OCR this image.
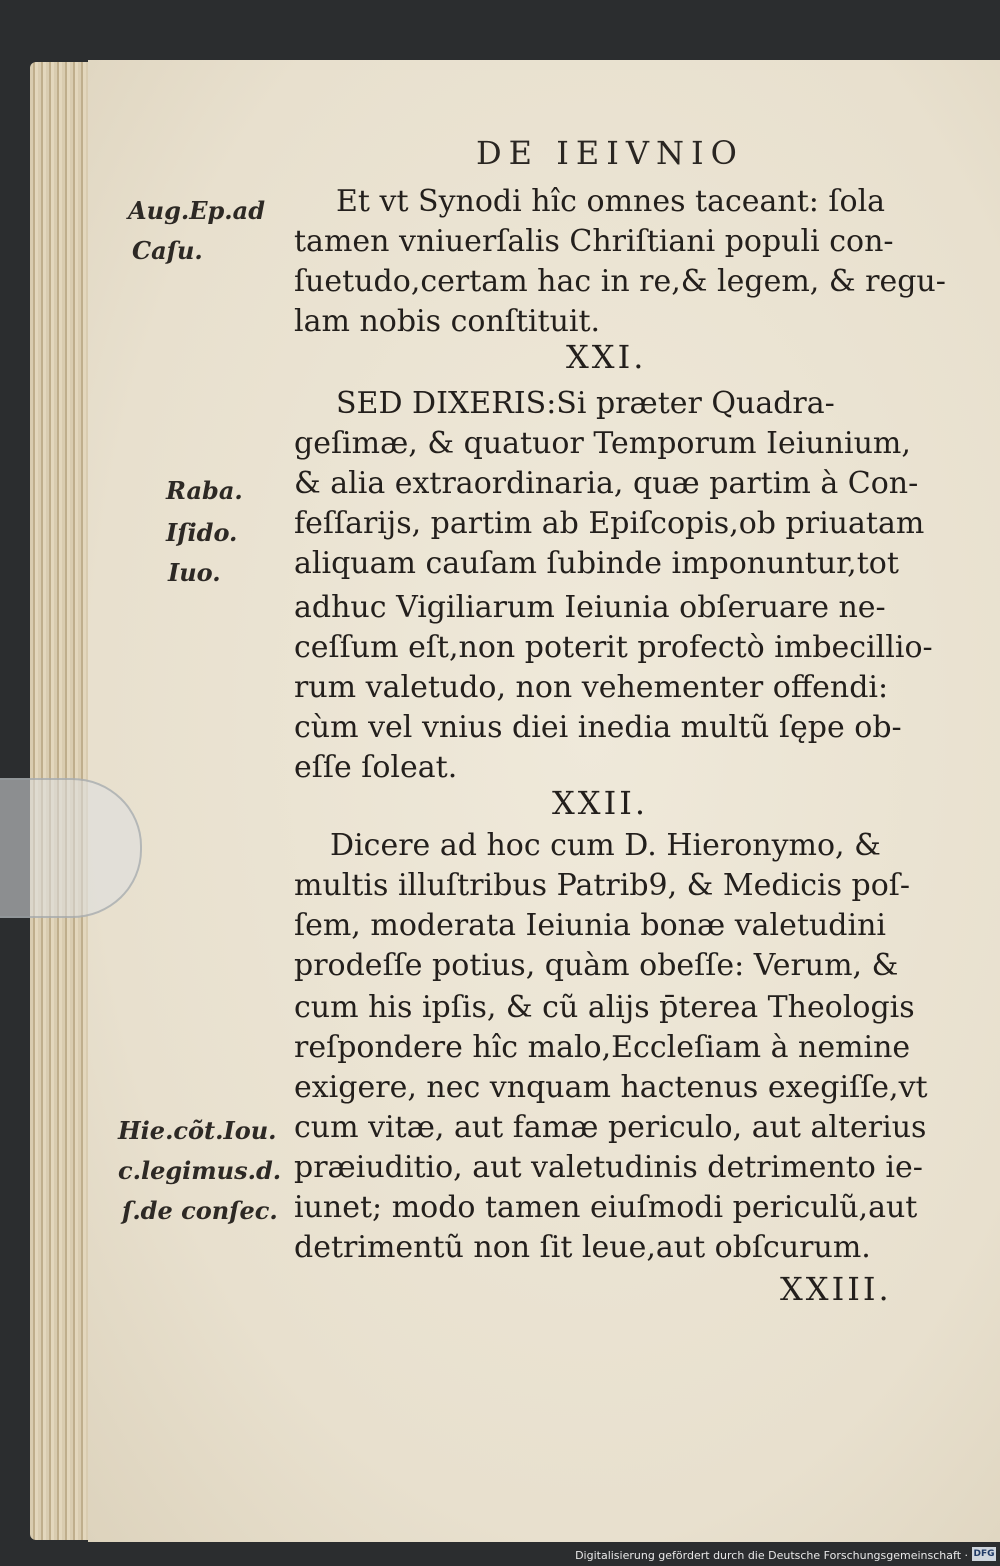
DE IEIVNIO
Aug.Ep.ad
Caſu.
Raba.
Iſido.
Iuo.
Hie.cõt.Iou.
c.legimus.d.
ſ.de conſec.
Et vt Synodi hîc omnes taceant: ſola
tamen vniuerſalis Chriſtiani populi con-
ſuetudo,certam hac in re,& legem, & regu-
lam nobis conſtituit.
XXI.
SED DIXERIS:Si præter Quadra-
geſimæ, & quatuor Temporum Ieiunium,
& alia extraordinaria, quæ partim à Con-
feſſarijs, partim ab Epiſcopis,ob priuatam
aliquam cauſam ſubinde imponuntur,tot
adhuc Vigiliarum Ieiunia obſeruare ne-
ceſſum eſt,non poterit profectò imbecillio-
rum valetudo, non vehementer offendi:
cùm vel vnius diei inedia multũ ſępe ob-
eſſe ſoleat.
XXII.
Dicere ad hoc cum D. Hieronymo, &
multis illuſtribus Patrib9, & Medicis poſ-
ſem, moderata Ieiunia bonæ valetudini
prodeſſe potius, quàm obeſſe: Verum, &
cum his ipſis, & cũ alijs p̄terea Theologis
reſpondere hîc malo,Eccleſiam à nemine
exigere, nec vnquam hactenus exegiſſe,vt
cum vitæ, aut famæ periculo, aut alterius
præiuditio, aut valetudinis detrimento ie-
iunet; modo tamen eiuſmodi periculũ,aut
detrimentũ non ſit leue,aut obſcurum.
XXIII.
Digitalisierung gefördert durch die Deutsche Forschungsgemeinschaft · DFG
